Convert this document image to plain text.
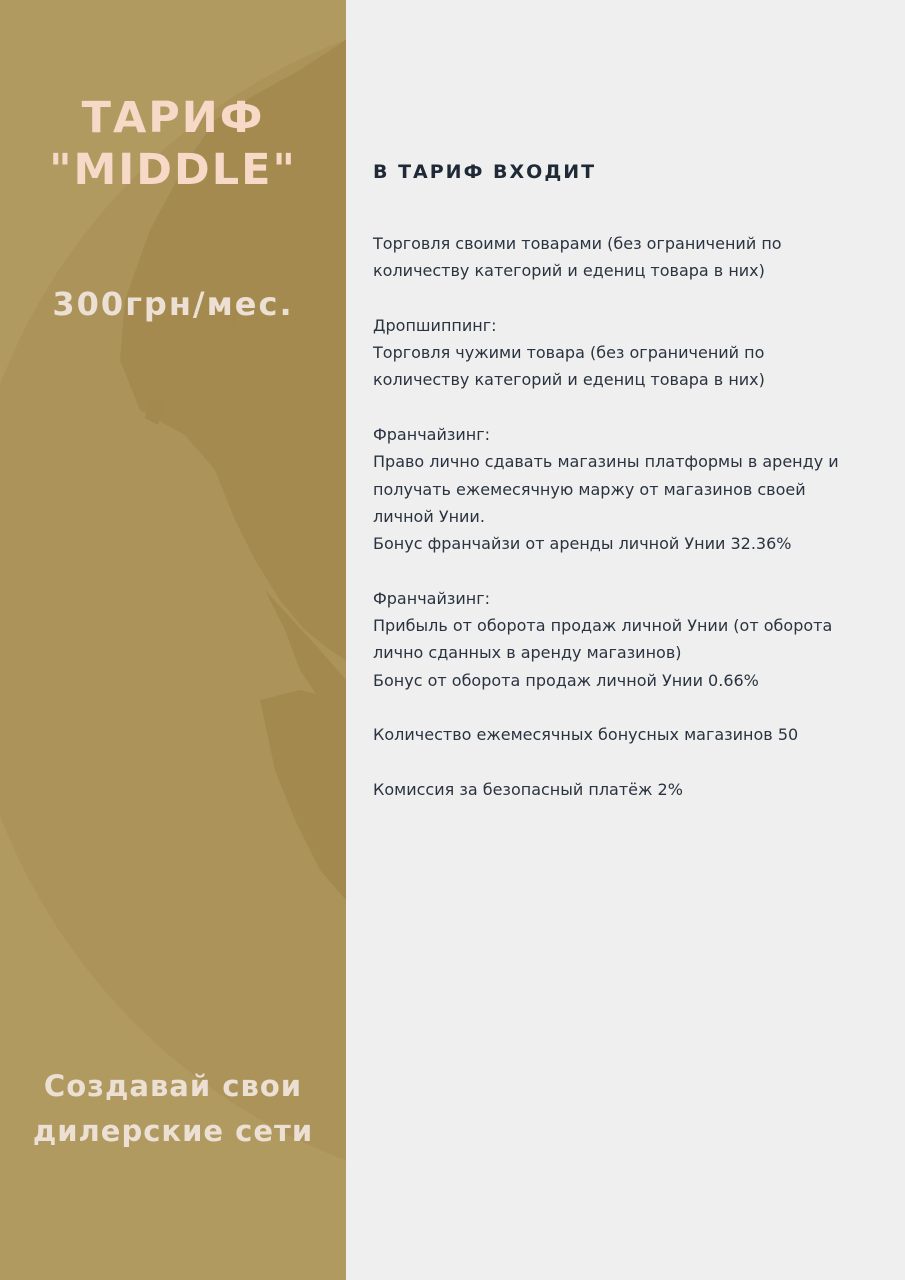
ТАРИФ
"MIDDLE"
300грн/мес.
Создавай свои
дилерские сети
В ТАРИФ ВХОДИТ

Торговля своими товарами (без ограничений по
количеству категорий и едениц товара в них)

Дропшиппинг:
Торговля чужими товара (без ограничений по
количеству категорий и едениц товара в них)

Франчайзинг:
Право лично сдавать магазины платформы в аренду и
получать ежемесячную маржу от магазинов своей
личной Унии.
Бонус франчайзи от аренды личной Унии 32.36%

Франчайзинг:
Прибыль от оборота продаж личной Унии (от оборота
лично сданных в аренду магазинов)
Бонус от оборота продаж личной Унии 0.66%

Количество ежемесячных бонусных магазинов 50

Комиссия за безопасный платёж 2%
